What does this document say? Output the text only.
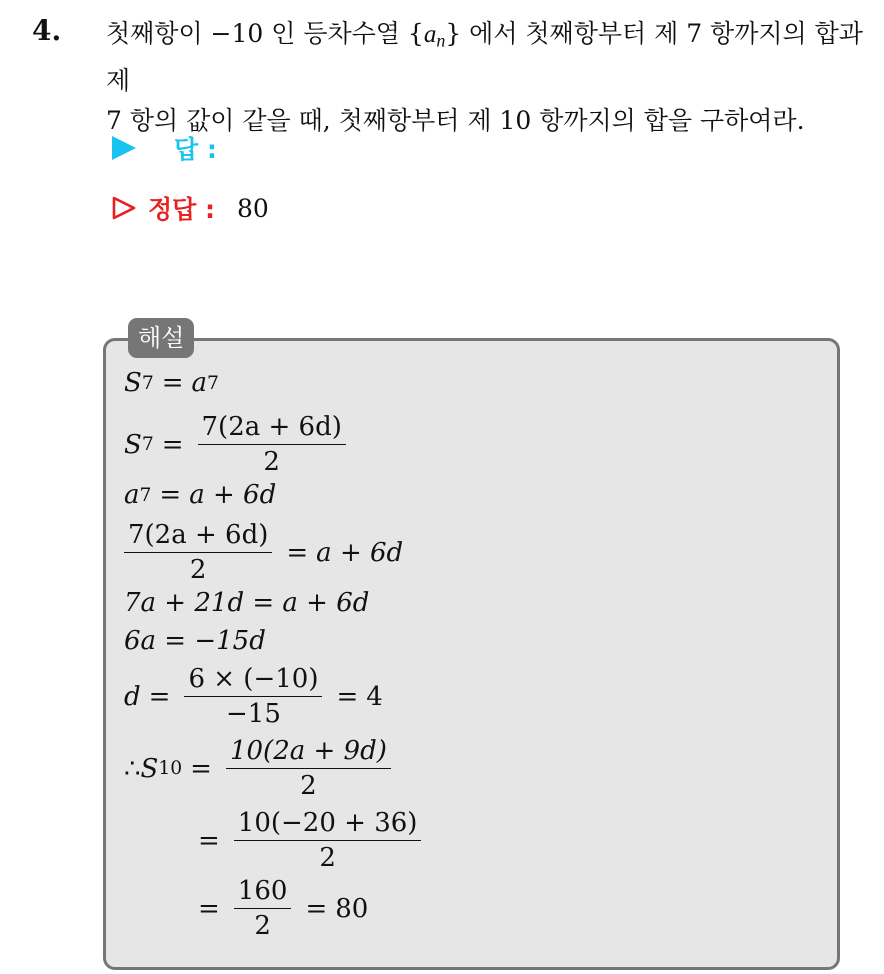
4. 첫째항이 −10 인 등차수열 $\{a_n\}$ 에서 첫째항부터 제 7 항까지의 합과 제
7 항의 값이 같을 때, 첫째항부터 제 10 항까지의 합을 구하여라.
답 :
정답 : 80
해설
S 7 = a 7
S $7 = \frac{7(2a + 6d)}{2}$
a 7 = a + 6d
$\frac{7(2a + 6d)}{2} = a + 6d$
7a + 21d = a + 6d
6a = −15d
$d = \frac{6 \times (-10)}{-15} = 4$
∴ S $10 = \frac{10(2a + 9d)}{2}$
= $\frac{10(-20 + 36)}{2}$
= $\frac{160}{2} = 80$
